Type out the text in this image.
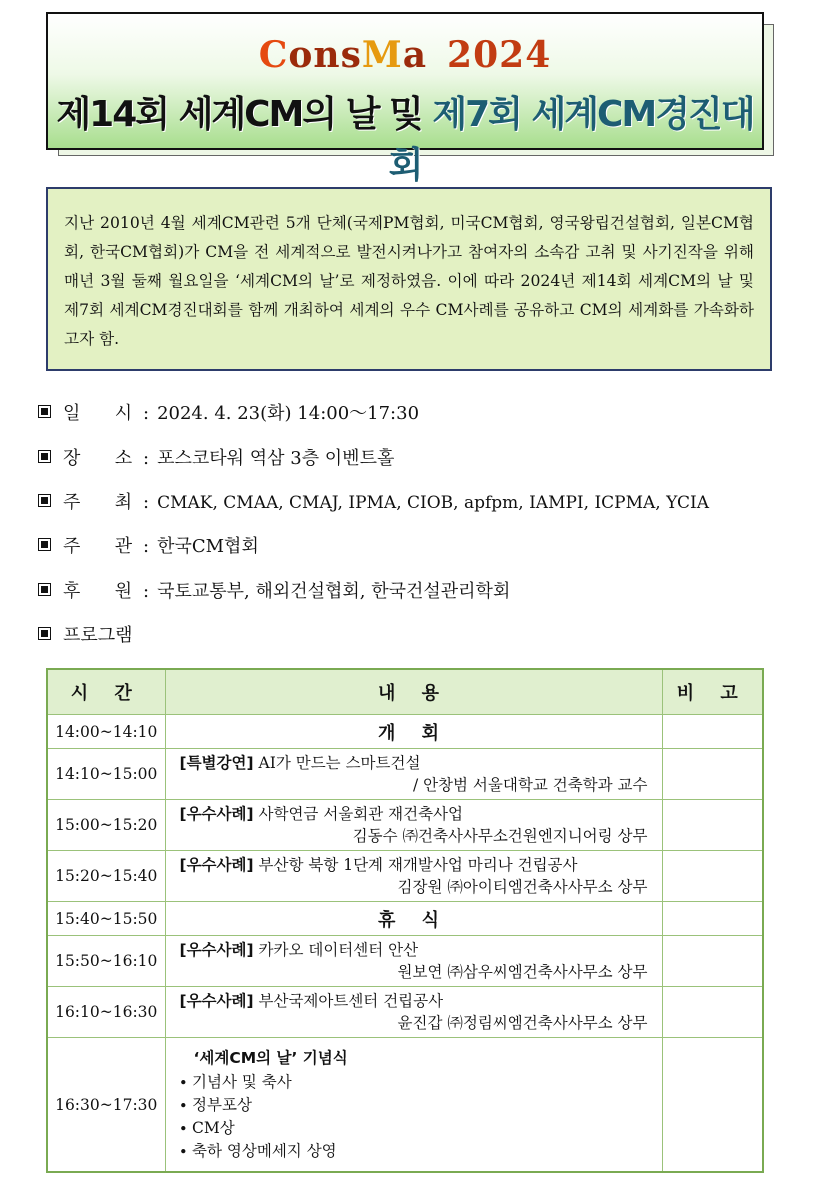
ConsMa 2024
제14회 세계CM의 날 및 제7회 세계CM경진대회
지난 2010년 4월 세계CM관련 5개 단체(국제PM협회, 미국CM협회, 영국왕립건설협회, 일본CM협회, 한국CM협회)가 CM을 전 세계적으로 발전시켜나가고 참여자의 소속감 고취 및 사기진작을 위해 매년 3월 둘째 월요일을 ‘세계CM의 날’로 제정하였음. 이에 따라 2024년 제14회 세계CM의 날 및 제7회 세계CM경진대회를 함께 개최하여 세계의 우수 CM사례를 공유하고 CM의 세계화를 가속화하고자 함.
일      시 : 2024. 4. 23(화) 14:00～17:30
장      소 : 포스코타워 역삼 3층 이벤트홀
주      최 : CMAK, CMAA, CMAJ, IPMA, CIOB, apfpm, IAMPI, ICPMA, YCIA
주      관 : 한국CM협회
후      원 : 국토교통부, 해외건설협회, 한국건설관리학회
프로그램
시 간	내 용	비 고
14:00~14:10	개 회	
14:10~15:00	[특별강연] AI가 만드는 스마트건설
/ 안창범 서울대학교 건축학과 교수	

15:00~15:20	[우수사례] 사학연금 서울회관 재건축사업
김동수 ㈜건축사사무소건원엔지니어링 상무	

15:20~15:40	[우수사례] 부산항 북항 1단계 재개발사업 마리나 건립공사
김장원 ㈜아이티엠건축사사무소 상무	

15:40~15:50	휴 식	
15:50~16:10	[우수사례] 카카오 데이터센터 안산
원보연 ㈜삼우씨엠건축사사무소 상무	

16:10~16:30	[우수사례] 부산국제아트센터 건립공사
윤진갑 ㈜정림씨엠건축사사무소 상무	

16:30~17:30	‘세계CM의 날’ 기념식
∙ 기념사 및 축사
∙ 정부포상
∙ CM상
∙ 축하 영상메세지 상영	
